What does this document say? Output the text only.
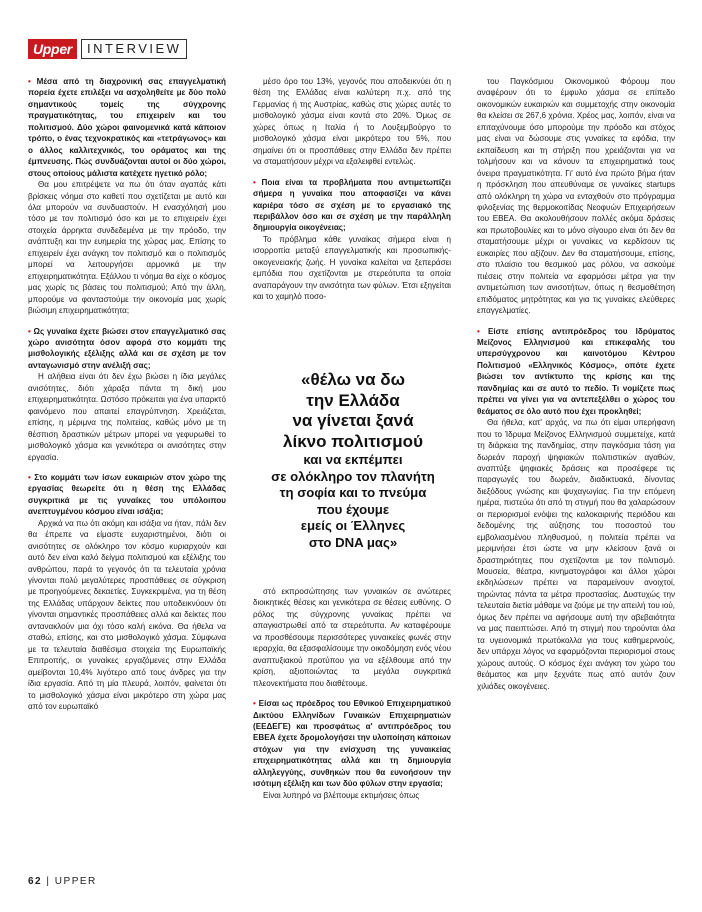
Upper	INTERVIEW

• Μέσα από τη διαχρονική σας επαγγελματική πορεία έχετε επιλέξει να ασχοληθείτε με δύο πολύ σημαντικούς τομείς της σύγχρονης πραγματικότητας, του επιχειρείν και του πολιτισμού. Δύο χώροι φαινομενικά κατά κάποιον τρόπο, ο ένας τεχνοκρατικός και «τετράγωνος» και ο άλλος καλλιτεχνικός, του οράματος και της έμπνευσης. Πώς συνδυάζονται αυτοί οι δύο χώροι, στους οποίους μάλιστα κατέχετε ηγετικό ρόλο;

Θα μου επιτρέψετε να πω ότι όταν αγαπάς κάτι βρίσκεις νόημα στο καθετί που σχετίζεται με αυτό και όλα μπορούν να συνδυαστούν. Η ενασχόλησή μου τόσο με τον πολιτισμό όσο και με το επιχειρείν έχει στοιχεία άρρηκτα συνδεδεμένα με την πρόοδο, την ανάπτυξη και την ευημερία της χώρας μας. Επίσης το επιχειρείν έχει ανάγκη τον πολιτισμό και ο πολιτισμός μπορεί να λειτουργήσει αρμονικά με την επιχειρηματικότητα. Εξάλλου τι νόημα θα είχε ο κόσμος μας χωρίς τις βάσεις του πολιτισμού; Από την άλλη, μπορούμε να φανταστούμε την οικονομία μας χωρίς βιώσιμη επιχειρηματικότητα;

• Ως γυναίκα έχετε βιώσει στον επαγγελματικό σας χώρο ανισότητα όσον αφορά στο κομμάτι της μισθολογικής εξέλιξης αλλά και σε σχέση με τον ανταγωνισμό στην ανέλιξή σας;

Η αλήθεια είναι ότι δεν έχω βιώσει η ίδια μεγάλες ανισότητες, διότι χάραξα πάντα τη δική μου επιχειρηματικότητα. Ωστόσο πρόκειται για ένα υπαρκτό φαινόμενο που απαιτεί επαγρύπνηση. Χρειάζεται, επίσης, η μέριμνα της πολιτείας, καθώς μόνο με τη θέσπιση δραστικών μέτρων μπορεί να γεφυρωθεί το μισθολογικό χάσμα και γενικότερα οι ανισότητες στην εργασία.

• Στο κομμάτι των ίσων ευκαιριών στον χώρο της εργασίας θεωρείτε ότι η θέση της Ελλάδας συγκριτικά με τις γυναίκες του υπόλοιπου ανεπτυγμένου κόσμου είναι ισάξια;

Αρχικά να πω ότι ακόμη και ισάξια να ήταν, πάλι δεν θα έπρεπε να είμαστε ευχαριστημένοι, διότι οι ανισότητες σε ολόκληρο τον κόσμο κυριαρχούν και αυτό δεν είναι καλό δείγμα πολιτισμού και εξέλιξης του ανθρώπου, παρά το γεγονός ότι τα τελευταία χρόνια γίνονται πολύ μεγαλύτερες προσπάθειες σε σύγκριση με προηγούμενες δεκαετίες. Συγκεκριμένα, για τη θέση της Ελλάδας υπάρχουν δείκτες που υποδεικνύουν ότι γίνονται σημαντικές προσπάθειες αλλά και δείκτες που αντανακλούν μια όχι τόσο καλή εικόνα. Θα ήθελα να σταθώ, επίσης, και στο μισθολογικό χάσμα. Σύμφωνα με τα τελευταία διαθέσιμα στοιχεία της Ευρωπαϊκής Επιτροπής, οι γυναίκες εργαζόμενες στην Ελλάδα αμείβονται 10,4% λιγότερο από τους άνδρες για την ίδια εργασία. Από τη μία πλευρά, λοιπόν, φαίνεται ότι το μισθολογικό χάσμα είναι μικρότερο στη χώρα μας από τον ευρωπαϊκό

μέσο όρο του 13%, γεγονός που αποδεικνύει ότι η θέση της Ελλάδας είναι καλύτερη π.χ. από της Γερμανίας ή της Αυστρίας, καθώς στις χώρες αυτές το μισθολογικό χάσμα είναι κοντά στο 20%. Όμως σε χώρες όπως η Ιταλία ή το Λουξεμβούργο το μισθολογικό χάσμα είναι μικρότερο του 5%, που σημαίνει ότι οι προσπάθειες στην Ελλάδα δεν πρέπει να σταματήσουν μέχρι να εξαλειφθεί εντελώς.

• Ποια είναι τα προβλήματα που αντιμετωπίζει σήμερα η γυναίκα που αποφασίζει να κάνει καριέρα τόσο σε σχέση με το εργασιακό της περιβάλλον όσο και σε σχέση με την παράλληλη δημιουργία οικογένειας;

Το πρόβλημα κάθε γυναίκας σήμερα είναι η ισορροπία μεταξύ επαγγελματικής και προσωπικής-οικογενειακής ζωής. Η γυναίκα καλείται να ξεπεράσει εμπόδια που σχετίζονται με στερεότυπα τα οποία αναπαράγουν την ανισότητα των φύλων. Έτσι εξηγείται και το χαμηλό ποσο-

«θέλω να δω
την Ελλάδα
να γίνεται ξανά
λίκνο πολιτισμού
και να εκπέμπει
σε ολόκληρο τον πλανήτη
τη σοφία και το πνεύμα
που έχουμε
εμείς οι Έλληνες
στο DNA μας»

στό εκπροσώπησης των γυναικών σε ανώτερες διοικητικές θέσεις και γενικότερα σε θέσεις ευθύνης. Ο ρόλος της σύγχρονης γυναίκας πρέπει να απαγκιστρωθεί από τα στερεότυπα. Αν καταφέρουμε να προσθέσουμε περισσότερες γυναικείες φωνές στην ιεραρχία, θα εξασφαλίσουμε την οικοδόμηση ενός νέου αναπτυξιακού προτύπου για να εξέλθουμε από την κρίση, αξιοποιώντας τα μεγάλα συγκριτικά πλεονεκτήματα που διαθέτουμε.

• Είσαι ως πρόεδρος του Εθνικού Επιχειρηματικού Δικτύου Ελληνίδων Γυναικών Επιχειρηματιών (ΕΕΔΕΓΕ) και προσφάτως α' αντιπρόεδρος του ΕΒΕΑ έχετε δρομολογήσει την υλοποίηση κάποιων στόχων για την ενίσχυση της γυναικείας επιχειρηματικότητας αλλά και τη δημιουργία αλληλεγγύης, συνθηκών που θα ευνοήσουν την ισότιμη εξέλιξη και των δύο φύλων στην εργασία;

Είναι λυπηρό να βλέπουμε εκτιμήσεις όπως

του Παγκόσμιου Οικονομικού Φόρουμ που αναφέρουν ότι το έμφυλο χάσμα σε επίπεδο οικονομικών ευκαιριών και συμμετοχής στην οικονομία θα κλείσει σε 267,6 χρόνια. Χρέος μας, λοιπόν, είναι να επιταχύνουμε όσο μπορούμε την πρόοδο και στόχος μας είναι να δώσουμε στις γυναίκες τα εφόδια, την εκπαίδευση και τη στήριξη που χρειάζονται για να τολμήσουν και να κάνουν τα επιχειρηματικά τους όνειρα πραγματικότητα. Γι' αυτό ένα πρώτο βήμα ήταν η πρόσκληση που απευθύναμε σε γυναίκες startups από ολόκληρη τη χώρα να ενταχθούν στο πρόγραμμα φιλοξενίας της θερμοκοιτίδας Νεοφυών Επιχειρήσεων του ΕΒΕΑ. Θα ακολουθήσουν πολλές ακόμα δράσεις και πρωτοβουλίες και το μόνο σίγουρο είναι ότι δεν θα σταματήσουμε μέχρι οι γυναίκες να κερδίσουν τις ευκαιρίες που αξίζουν. Δεν θα σταματήσουμε, επίσης, στο πλαίσιο του θεσμικού μας ρόλου, να ασκούμε πιέσεις στην πολιτεία να εφαρμόσει μέτρα για την αντιμετώπιση των ανισοτήτων, όπως η θεσμοθέτηση επιδόματος μητρότητας και για τις γυναίκες ελεύθερες επαγγελματίες.

• Είστε επίσης αντιπρόεδρος του Ιδρύματος Μείζονος Ελληνισμού και επικεφαλής του υπερσύγχρονου και καινοτόμου Κέντρου Πολιτισμού «Ελληνικός Κόσμος», οπότε έχετε βιώσει τον αντίκτυπο της κρίσης και της πανδημίας και σε αυτό το πεδίο. Τι νομίζετε πως πρέπει να γίνει για να αντεπεξέλθει ο χώρος του θεάματος σε όλο αυτό που έχει προκληθεί;

Θα ήθελα, κατ' αρχάς, να πω ότι είμαι υπερήφανη που το Ίδρυμα Μείζονος Ελληνισμού συμμετείχε, κατά τη διάρκεια της πανδημίας, στην παγκόσμια τάση για δωρεάν παροχή ψηφιακών πολιτιστικών αγαθών, αναπτύξε ψηφιακές δράσεις και προσέφερε τις παραγωγές του δωρεάν, διαδικτυακά, δίνοντας διεξόδους γνώσης και ψυχαγωγίας. Για την επόμενη ημέρα, πιστεύω ότι από τη στιγμή που θα χαλαρώσουν οι περιορισμοί ενόψει της καλοκαιρινής περιόδου και δεδομένης της αύξησης του ποσοστού του εμβολιασμένου πληθυσμού, η πολιτεία πρέπει να μεριμνήσει έτσι ώστε να μην κλείσουν ξανά οι δραστηριότητες που σχετίζονται με τον πολιτισμό. Μουσεία, θέατρα, κινηματογράφοι και άλλοι χώροι εκδηλώσεων πρέπει να παραμείνουν ανοιχτοί, τηρώντας πάντα τα μέτρα προστασίας. Δυστυχώς την τελευταία διετία μάθαμε να ζούμε με την απειλή του ιού, όμως δεν πρέπει να αφήσουμε αυτή την αβεβαιότητα να μας παειπτώσει. Από τη στιγμή που τηρούνται όλα τα υγειονομικά πρωτόκολλα για τους καθημερινούς, δεν υπάρχει λόγος να εφαρμόζονται περιορισμοί στους χώρους αυτούς. Ο κόσμος έχει ανάγκη τον χώρο του θεάματος και μην ξεχνάτε πως από αυτόν ζουν χιλιάδες οικογένειες.

62 | UPPER
